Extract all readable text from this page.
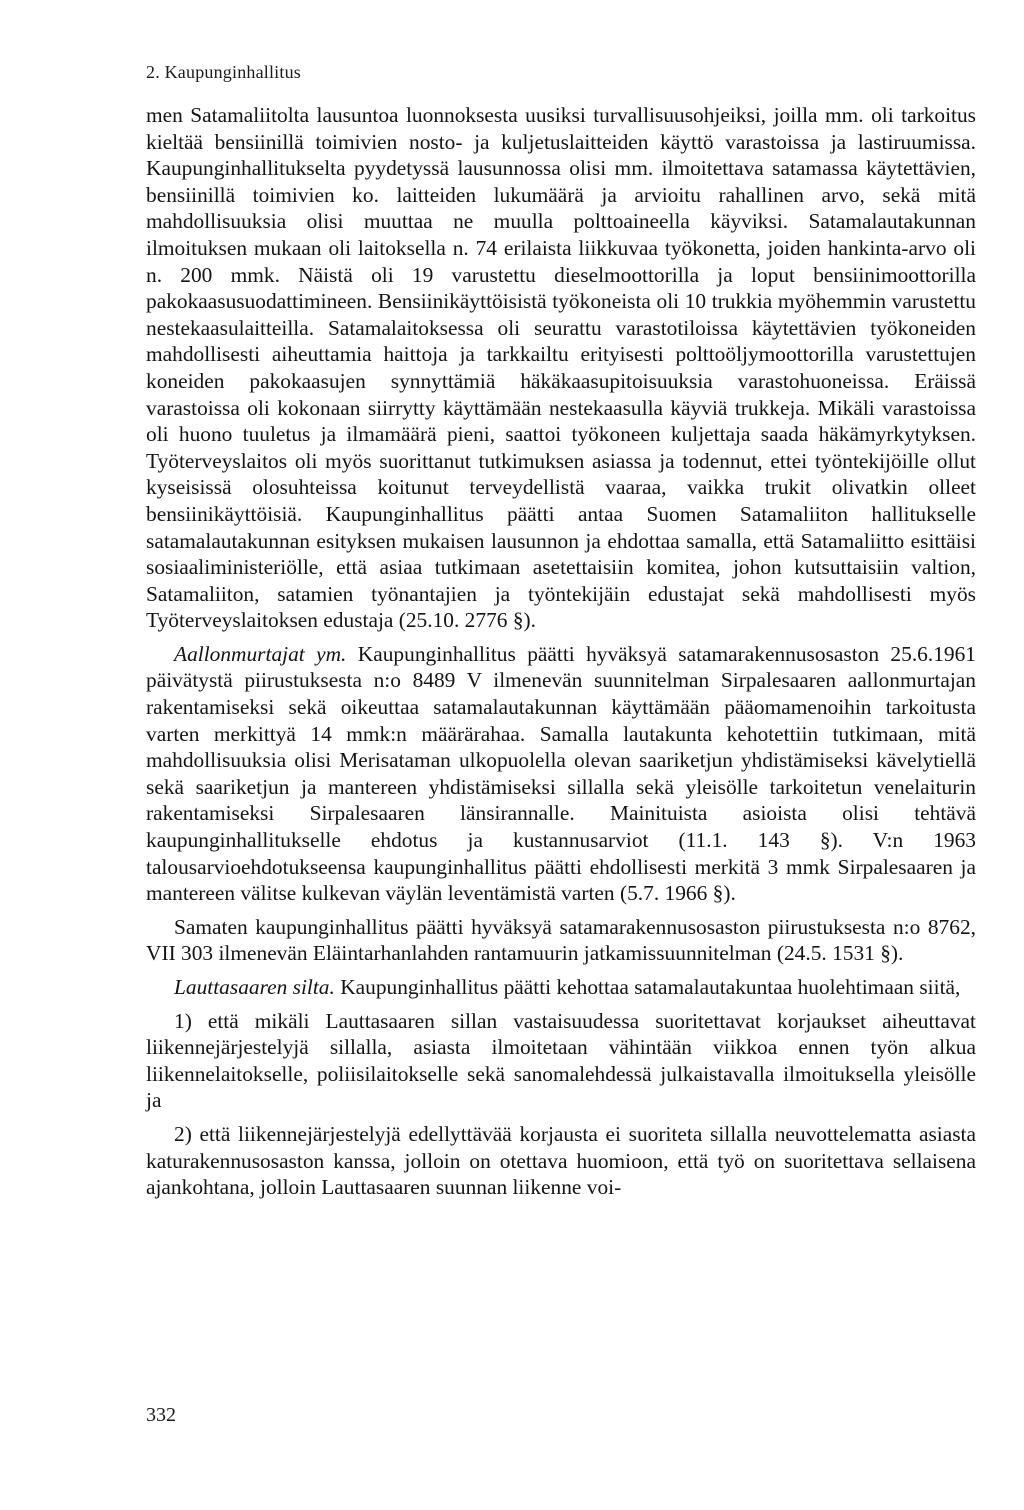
2. Kaupunginhallitus

men Satamaliitolta lausuntoa luonnoksesta uusiksi turvallisuusohjeiksi, joilla mm. oli tarkoitus kieltää bensiinillä toimivien nosto- ja kuljetuslaitteiden käyttö varastoissa ja lastiruumissa. Kaupunginhallitukselta pyydetyssä lausunnossa olisi mm. ilmoitettava satamassa käytettävien, bensiinillä toimivien ko. laitteiden lukumäärä ja arvioitu rahallinen arvo, sekä mitä mahdollisuuksia olisi muuttaa ne muulla polttoaineella käyviksi. Satamalautakunnan ilmoituksen mukaan oli laitoksella n. 74 erilaista liikkuvaa työkonetta, joiden hankinta-arvo oli n. 200 mmk. Näistä oli 19 varustettu dieselmoottorilla ja loput bensiinimoottorilla pakokaasusuodattimineen. Bensiinikäyttöisistä työkoneista oli 10 trukkia myöhemmin varustettu nestekaasulaitteilla. Satamalaitoksessa oli seurattu varastotiloissa käytettävien työkoneiden mahdollisesti aiheuttamia haittoja ja tarkkailtu erityisesti polttoöljymoottorilla varustettujen koneiden pakokaasujen synnyttämiä häkäkaasupitoisuuksia varastohuoneissa. Eräissä varastoissa oli kokonaan siirrytty käyttämään nestekaasulla käyviä trukkeja. Mikäli varastoissa oli huono tuuletus ja ilmamäärä pieni, saattoi työkoneen kuljettaja saada häkämyrkytyksen. Työterveyslaitos oli myös suorittanut tutkimuksen asiassa ja todennut, ettei työntekijöille ollut kyseisissä olosuhteissa koitunut terveydellistä vaaraa, vaikka trukit olivatkin olleet bensiinikäyttöisiä. Kaupunginhallitus päätti antaa Suomen Satamaliiton hallitukselle satamalautakunnan esityksen mukaisen lausunnon ja ehdottaa samalla, että Satamaliitto esittäisi sosiaaliministeriölle, että asiaa tutkimaan asetettaisiin komitea, johon kutsuttaisiin valtion, Satamaliiton, satamien työnantajien ja työntekijäin edustajat sekä mahdollisesti myös Työterveyslaitoksen edustaja (25.10. 2776 §).

Aallonmurtajat ym. Kaupunginhallitus päätti hyväksyä satamarakennusosaston 25.6.1961 päivätystä piirustuksesta n:o 8489 V ilmenevän suunnitelman Sirpalesaaren aallonmurtajan rakentamiseksi sekä oikeuttaa satamalautakunnan käyttämään pääomamenoihin tarkoitusta varten merkittyä 14 mmk:n määrärahaa. Samalla lautakunta kehotettiin tutkimaan, mitä mahdollisuuksia olisi Merisataman ulkopuolella olevan saariketjun yhdistämiseksi kävelytiellä sekä saariketjun ja mantereen yhdistämiseksi sillalla sekä yleisölle tarkoitetun venelaiturin rakentamiseksi Sirpalesaaren länsirannalle. Mainituista asioista olisi tehtävä kaupunginhallitukselle ehdotus ja kustannusarviot (11.1. 143 §). V:n 1963 talousarvioehdotukseensa kaupunginhallitus päätti ehdollisesti merkitä 3 mmk Sirpalesaaren ja mantereen välitse kulkevan väylän leventämistä varten (5.7. 1966 §).

Samaten kaupunginhallitus päätti hyväksyä satamarakennusosaston piirustuksesta n:o 8762, VII 303 ilmenevän Eläintarhanlahden rantamuurin jatkamissuunnitelman (24.5. 1531 §).

Lauttasaaren silta. Kaupunginhallitus päätti kehottaa satamalautakuntaa huolehtimaan siitä,

1) että mikäli Lauttasaaren sillan vastaisuudessa suoritettavat korjaukset aiheuttavat liikennejärjestelyjä sillalla, asiasta ilmoitetaan vähintään viikkoa ennen työn alkua liikennelaitokselle, poliisilaitokselle sekä sanomalehdessä julkaistavalla ilmoituksella yleisölle ja

2) että liikennejärjestelyjä edellyttävää korjausta ei suoriteta sillalla neuvottelematta asiasta katurakennusosaston kanssa, jolloin on otettava huomioon, että työ on suoritettava sellaisena ajankohtana, jolloin Lauttasaaren suunnan liikenne voi-

332
